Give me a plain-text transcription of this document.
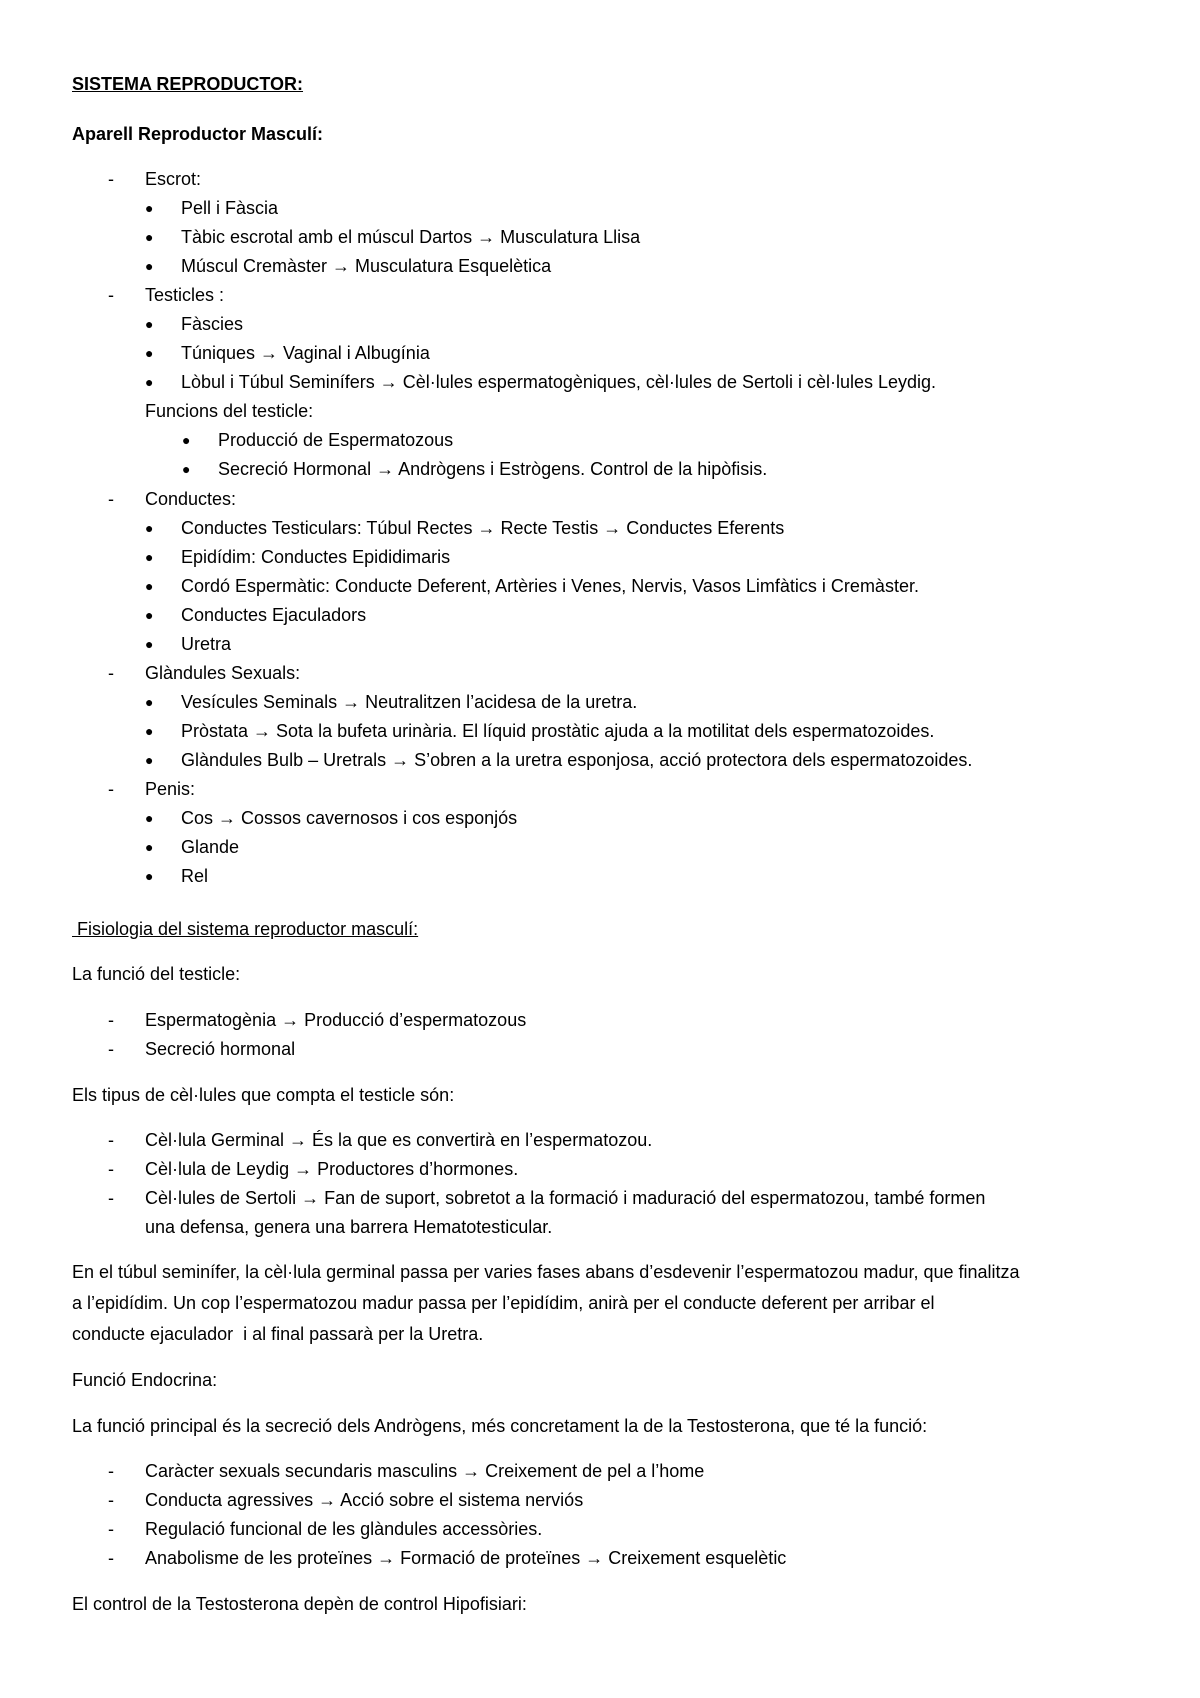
SISTEMA REPRODUCTOR:
Aparell Reproductor Masculí:
- Escrot:
● Pell i Fàscia
● Tàbic escrotal amb el múscul Dartos → Musculatura Llisa
● Múscul Cremàster → Musculatura Esquelètica
- Testicles :
● Fàscies
● Túniques → Vaginal i Albugínia
● Lòbul i Túbul Seminífers → Cèl·lules espermatogèniques, cèl·lules de Sertoli i cèl·lules Leydig.
Funcions del testicle:
● Producció de Espermatozous
● Secreció Hormonal → Andrògens i Estrògens. Control de la hipòfisis.
- Conductes:
● Conductes Testiculars: Túbul Rectes → Recte Testis → Conductes Eferents
● Epidídim: Conductes Epididimaris
● Cordó Espermàtic: Conducte Deferent, Artèries i Venes, Nervis, Vasos Limfàtics i Cremàster.
● Conductes Ejaculadors
● Uretra
- Glàndules Sexuals:
● Vesícules Seminals → Neutralitzen l’acidesa de la uretra.
● Pròstata → Sota la bufeta urinària. El líquid prostàtic ajuda a la motilitat dels espermatozoides.
● Glàndules Bulb – Uretrals → S’obren a la uretra esponjosa, acció protectora dels espermatozoides.
- Penis:
● Cos → Cossos cavernosos i cos esponjós
● Glande
● Rel
Fisiologia del sistema reproductor masculí:
La funció del testicle:
- Espermatogènia → Producció d’espermatozous
- Secreció hormonal
Els tipus de cèl·lules que compta el testicle són:
- Cèl·lula Germinal → És la que es convertirà en l’espermatozou.
- Cèl·lula de Leydig → Productores d’hormones.
- Cèl·lules de Sertoli → Fan de suport, sobretot a la formació i maduració del espermatozou, també formen
una defensa, genera una barrera Hematotesticular.
En el túbul seminífer, la cèl·lula germinal passa per varies fases abans d’esdevenir l’espermatozou madur, que finalitza
a l’epidídim. Un cop l’espermatozou madur passa per l’epidídim, anirà per el conducte deferent per arribar el
conducte ejaculador  i al final passarà per la Uretra.
Funció Endocrina:
La funció principal és la secreció dels Andrògens, més concretament la de la Testosterona, que té la funció:
- Caràcter sexuals secundaris masculins → Creixement de pel a l’home
- Conducta agressives → Acció sobre el sistema nerviós
- Regulació funcional de les glàndules accessòries.
- Anabolisme de les proteïnes → Formació de proteïnes → Creixement esquelètic
El control de la Testosterona depèn de control Hipofisiari:
